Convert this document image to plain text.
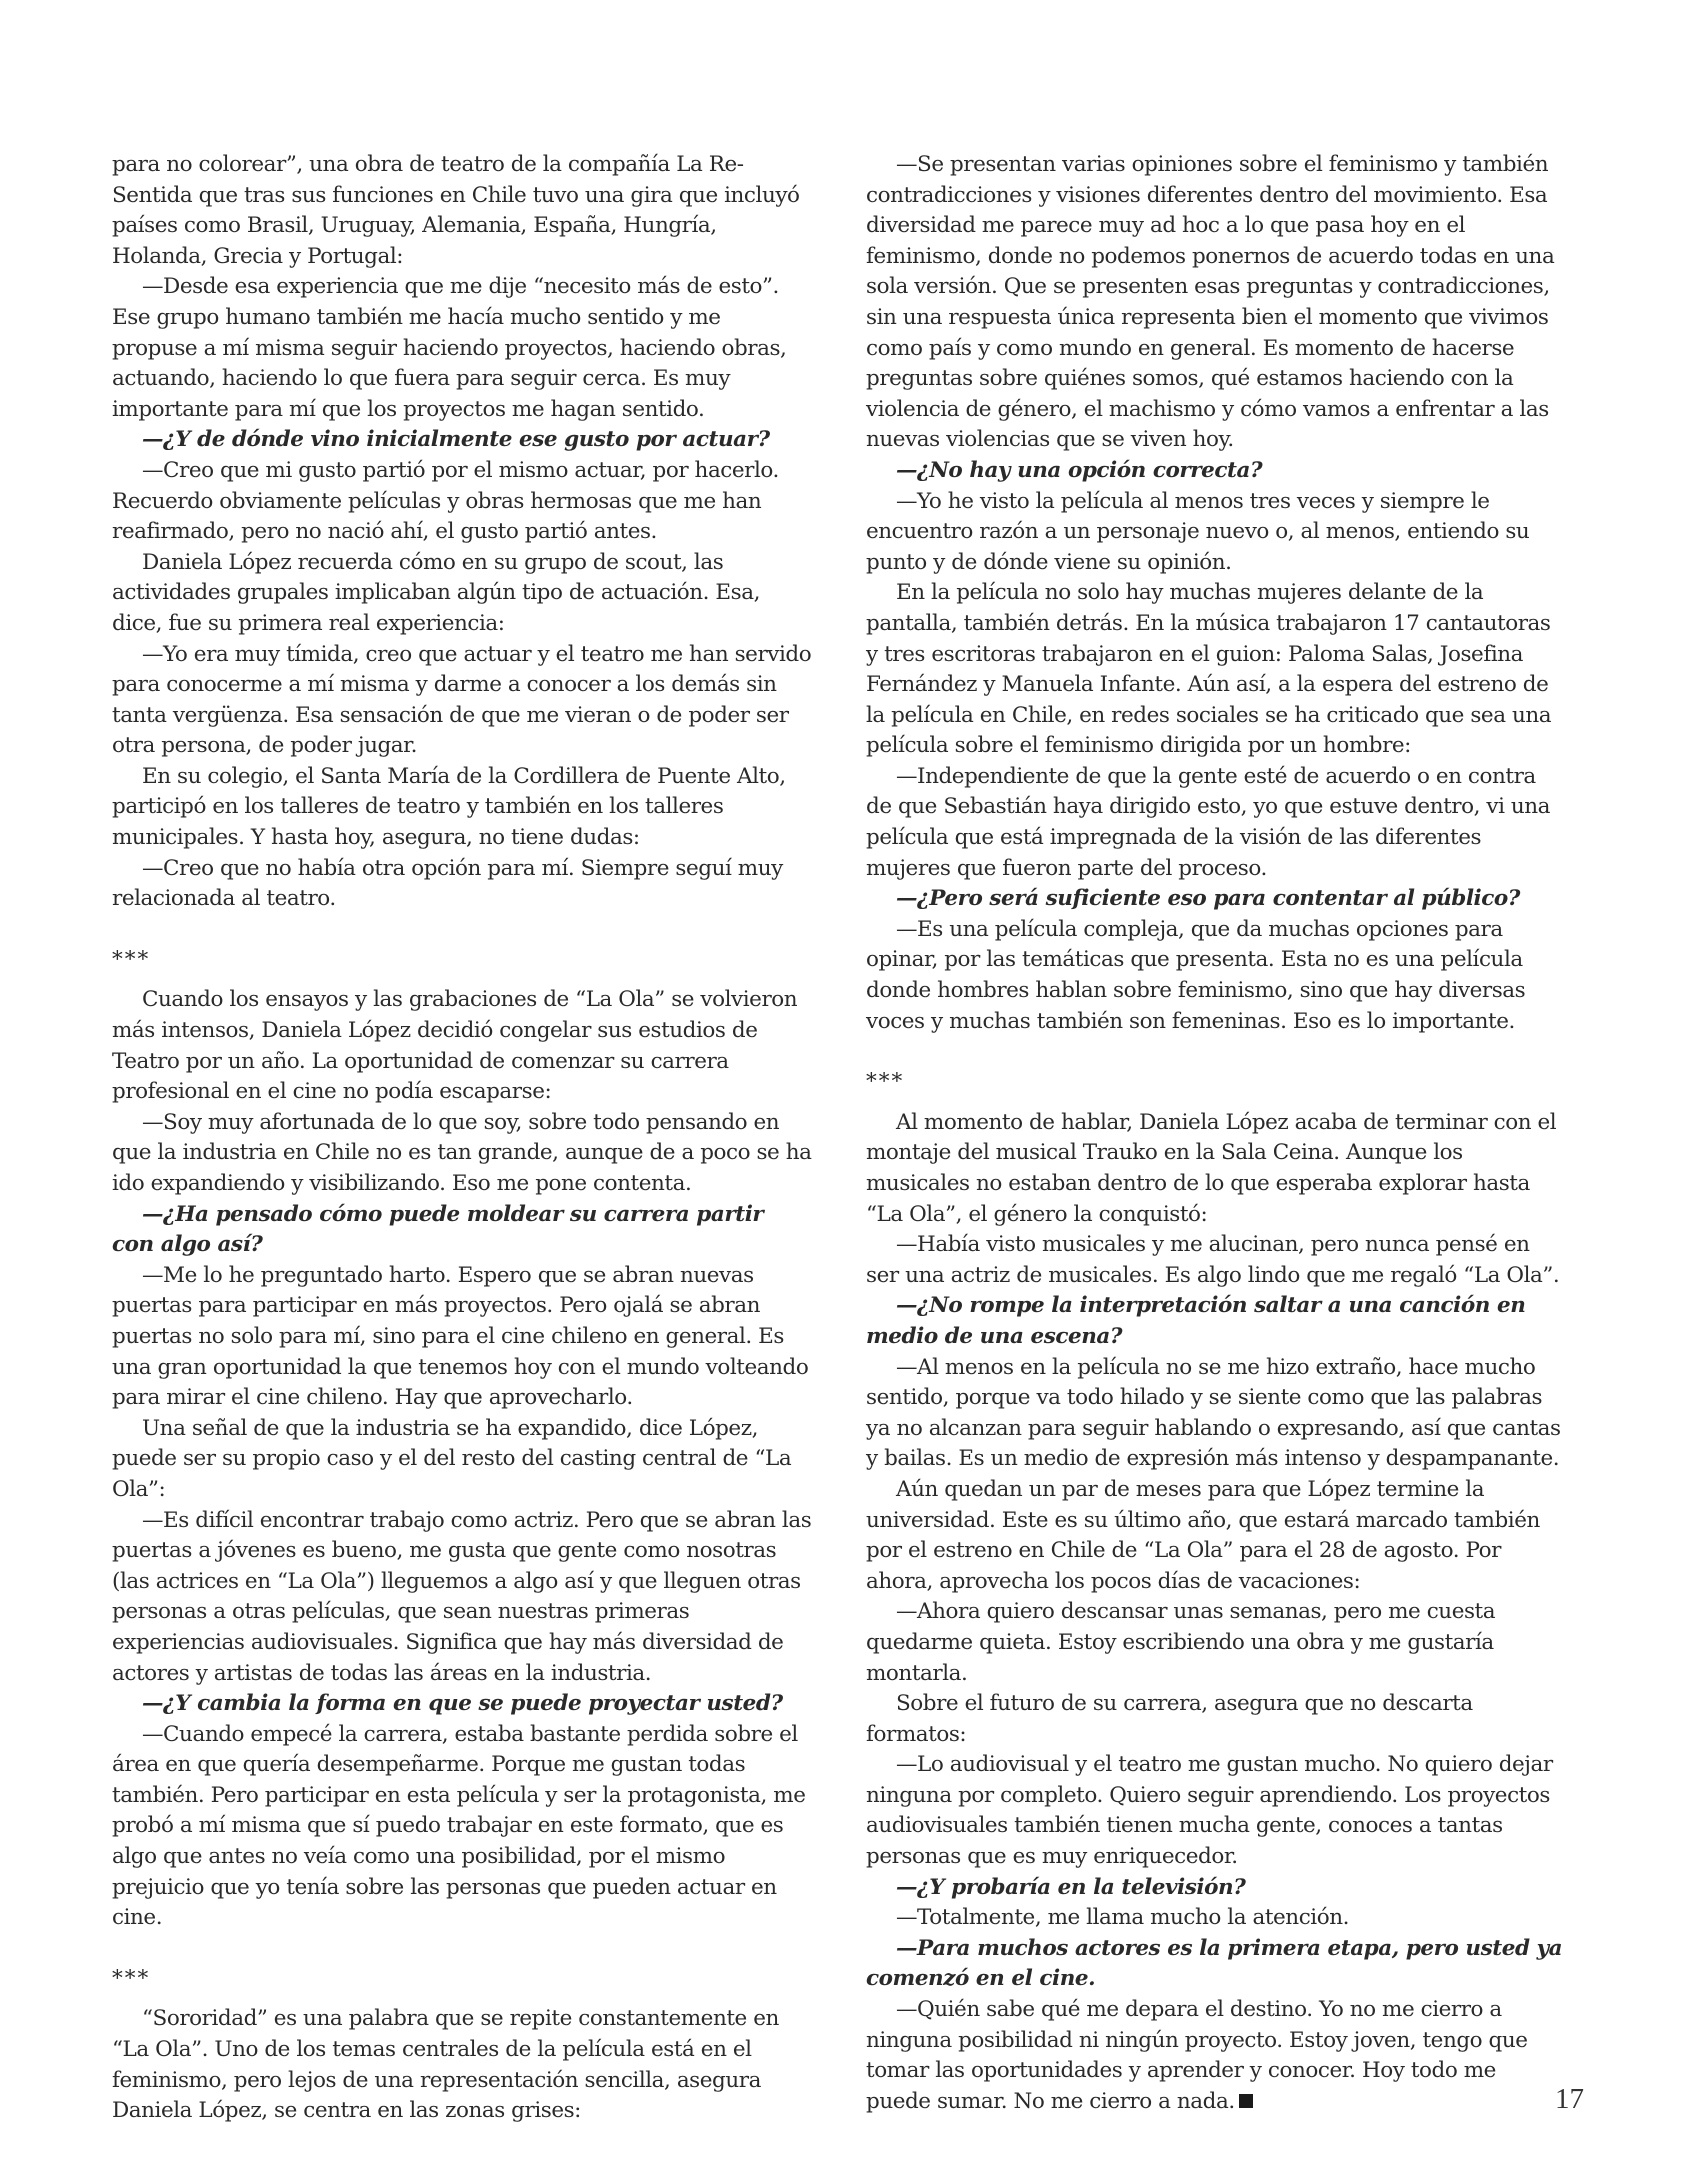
para no colorear”, una obra de teatro de la compañía La Re-Sentida que tras sus funciones en Chile tuvo una gira que incluyó países como Brasil, Uruguay, Alemania, España, Hungría, Holanda, Grecia y Portugal:

—Desde esa experiencia que me dije “necesito más de esto”. Ese grupo humano también me hacía mucho sentido y me propuse a mí misma seguir haciendo proyectos, haciendo obras, actuando, haciendo lo que fuera para seguir cerca. Es muy importante para mí que los proyectos me hagan sentido.

—¿Y de dónde vino inicialmente ese gusto por actuar?

—Creo que mi gusto partió por el mismo actuar, por hacerlo. Recuerdo obviamente películas y obras hermosas que me han reafirmado, pero no nació ahí, el gusto partió antes.

Daniela López recuerda cómo en su grupo de scout, las actividades grupales implicaban algún tipo de actuación. Esa, dice, fue su primera real experiencia:

—Yo era muy tímida, creo que actuar y el teatro me han servido para conocerme a mí misma y darme a conocer a los demás sin tanta vergüenza. Esa sensación de que me vieran o de poder ser otra persona, de poder jugar.

En su colegio, el Santa María de la Cordillera de Puente Alto, participó en los talleres de teatro y también en los talleres municipales. Y hasta hoy, asegura, no tiene dudas:

—Creo que no había otra opción para mí. Siempre seguí muy relacionada al teatro.

***

Cuando los ensayos y las grabaciones de “La Ola” se volvieron más intensos, Daniela López decidió congelar sus estudios de Teatro por un año. La oportunidad de comenzar su carrera profesional en el cine no podía escaparse:

—Soy muy afortunada de lo que soy, sobre todo pensando en que la industria en Chile no es tan grande, aunque de a poco se ha ido expandiendo y visibilizando. Eso me pone contenta.

—¿Ha pensado cómo puede moldear su carrera partir con algo así?

—Me lo he preguntado harto. Espero que se abran nuevas puertas para participar en más proyectos. Pero ojalá se abran puertas no solo para mí, sino para el cine chileno en general. Es una gran oportunidad la que tenemos hoy con el mundo volteando para mirar el cine chileno. Hay que aprovecharlo.

Una señal de que la industria se ha expandido, dice López, puede ser su propio caso y el del resto del casting central de “La Ola”:

—Es difícil encontrar trabajo como actriz. Pero que se abran las puertas a jóvenes es bueno, me gusta que gente como nosotras (las actrices en “La Ola”) lleguemos a algo así y que lleguen otras personas a otras películas, que sean nuestras primeras experiencias audiovisuales. Significa que hay más diversidad de actores y artistas de todas las áreas en la industria.

—¿Y cambia la forma en que se puede proyectar usted?

—Cuando empecé la carrera, estaba bastante perdida sobre el área en que quería desempeñarme. Porque me gustan todas también. Pero participar en esta película y ser la protagonista, me probó a mí misma que sí puedo trabajar en este formato, que es algo que antes no veía como una posibilidad, por el mismo prejuicio que yo tenía sobre las personas que pueden actuar en cine.

***

“Sororidad” es una palabra que se repite constantemente en “La Ola”. Uno de los temas centrales de la película está en el feminismo, pero lejos de una representación sencilla, asegura Daniela López, se centra en las zonas grises:

—Se presentan varias opiniones sobre el feminismo y también contradicciones y visiones diferentes dentro del movimiento. Esa diversidad me parece muy ad hoc a lo que pasa hoy en el feminismo, donde no podemos ponernos de acuerdo todas en una sola versión. Que se presenten esas preguntas y contradicciones, sin una respuesta única representa bien el momento que vivimos como país y como mundo en general. Es momento de hacerse preguntas sobre quiénes somos, qué estamos haciendo con la violencia de género, el machismo y cómo vamos a enfrentar a las nuevas violencias que se viven hoy.

—¿No hay una opción correcta?

—Yo he visto la película al menos tres veces y siempre le encuentro razón a un personaje nuevo o, al menos, entiendo su punto y de dónde viene su opinión.

En la película no solo hay muchas mujeres delante de la pantalla, también detrás. En la música trabajaron 17 cantautoras y tres escritoras trabajaron en el guion: Paloma Salas, Josefina Fernández y Manuela Infante. Aún así, a la espera del estreno de la película en Chile, en redes sociales se ha criticado que sea una película sobre el feminismo dirigida por un hombre:

—Independiente de que la gente esté de acuerdo o en contra de que Sebastián haya dirigido esto, yo que estuve dentro, vi una película que está impregnada de la visión de las diferentes mujeres que fueron parte del proceso.

—¿Pero será suficiente eso para contentar al público?

—Es una película compleja, que da muchas opciones para opinar, por las temáticas que presenta. Esta no es una película donde hombres hablan sobre feminismo, sino que hay diversas voces y muchas también son femeninas. Eso es lo importante.

***

Al momento de hablar, Daniela López acaba de terminar con el montaje del musical Trauko en la Sala Ceina. Aunque los musicales no estaban dentro de lo que esperaba explorar hasta “La Ola”, el género la conquistó:

—Había visto musicales y me alucinan, pero nunca pensé en ser una actriz de musicales. Es algo lindo que me regaló “La Ola”.

—¿No rompe la interpretación saltar a una canción en medio de una escena?

—Al menos en la película no se me hizo extraño, hace mucho sentido, porque va todo hilado y se siente como que las palabras ya no alcanzan para seguir hablando o expresando, así que cantas y bailas. Es un medio de expresión más intenso y despampanante.

Aún quedan un par de meses para que López termine la universidad. Este es su último año, que estará marcado también por el estreno en Chile de “La Ola” para el 28 de agosto. Por ahora, aprovecha los pocos días de vacaciones:

—Ahora quiero descansar unas semanas, pero me cuesta quedarme quieta. Estoy escribiendo una obra y me gustaría montarla.

Sobre el futuro de su carrera, asegura que no descarta formatos:

—Lo audiovisual y el teatro me gustan mucho. No quiero dejar ninguna por completo. Quiero seguir aprendiendo. Los proyectos audiovisuales también tienen mucha gente, conoces a tantas personas que es muy enriquecedor.

—¿Y probaría en la televisión?

—Totalmente, me llama mucho la atención.

—Para muchos actores es la primera etapa, pero usted ya comenzó en el cine.

—Quién sabe qué me depara el destino. Yo no me cierro a ninguna posibilidad ni ningún proyecto. Estoy joven, tengo que tomar las oportunidades y aprender y conocer. Hoy todo me puede sumar. No me cierro a nada.	17
